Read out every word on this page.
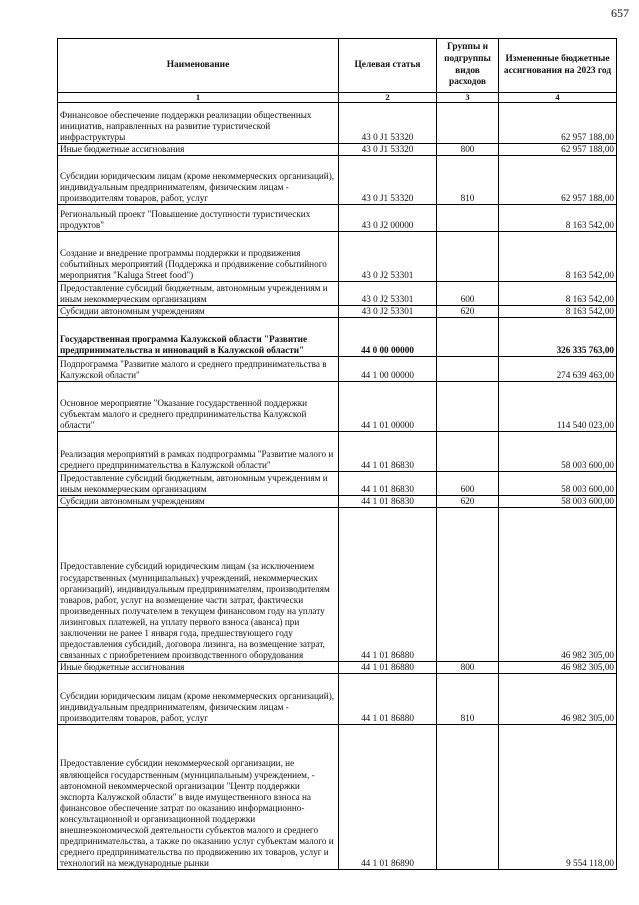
657
Наименование	Целевая статья	Группы и подгруппы видов расходов	Измененные бюджетные ассигнования на 2023 год
1	2	3	4
Финансовое обеспечение поддержки реализации общественных инициатив, направленных на развитие туристической инфраструктуры	43 0 J1 53320		62 957 188,00
Иные бюджетные ассигнования	43 0 J1 53320	800	62 957 188,00
Субсидии юридическим лицам (кроме некоммерческих организаций), индивидуальным предпринимателям, физическим лицам - производителям товаров, работ, услуг	43 0 J1 53320	810	62 957 188,00
Региональный проект "Повышение доступности туристических продуктов"	43 0 J2 00000		8 163 542,00
Создание и внедрение программы поддержки и продвижения событийных мероприятий (Поддержка и продвижение событийного мероприятия "Kaluga Street food")	43 0 J2 53301		8 163 542,00
Предоставление субсидий бюджетным, автономным учреждениям и иным некоммерческим организациям	43 0 J2 53301	600	8 163 542,00
Субсидии автономным учреждениям	43 0 J2 53301	620	8 163 542,00
Государственная программа Калужской области "Развитие предпринимательства и инноваций в Калужской области"	44 0 00 00000		326 335 763,00
Подпрограмма "Развитие малого и среднего предпринимательства в Калужской области"	44 1 00 00000		274 639 463,00
Основное мероприятие "Оказание государственной поддержки субъектам малого и среднего предпринимательства Калужской области"	44 1 01 00000		114 540 023,00
Реализация мероприятий в рамках подпрограммы "Развитие малого и среднего предпринимательства в Калужской области"	44 1 01 86830		58 003 600,00
Предоставление субсидий бюджетным, автономным учреждениям и иным некоммерческим организациям	44 1 01 86830	600	58 003 600,00
Субсидии автономным учреждениям	44 1 01 86830	620	58 003 600,00
Предоставление субсидий юридическим лицам (за исключением государственных (муниципальных) учреждений, некоммерческих организаций), индивидуальным предпринимателям, производителям товаров, работ, услуг на возмещение части затрат, фактически произведенных получателем в текущем финансовом году на уплату лизинговых платежей, на уплату первого взноса (аванса) при заключении не ранее 1 января года, предшествующего году предоставления субсидий, договора лизинга, на возмещение затрат, связанных с приобретением производственного оборудования	44 1 01 86880		46 982 305,00
Иные бюджетные ассигнования	44 1 01 86880	800	46 982 305,00
Субсидии юридическим лицам (кроме некоммерческих организаций), индивидуальным предпринимателям, физическим лицам - производителям товаров, работ, услуг	44 1 01 86880	810	46 982 305,00
Предоставление субсидии некоммерческой организации, не являющейся государственным (муниципальным) учреждением, - автономной некоммерческой организации "Центр поддержки экспорта Калужской области" в виде имущественного взноса на финансовое обеспечение затрат по оказанию информационно-консультационной и организационной поддержки внешнеэкономической деятельности субъектов малого и среднего предпринимательства, а также по оказанию услуг субъектам малого и среднего предпринимательства по продвижению их товаров, услуг и технологий на международные рынки	44 1 01 86890		9 554 118,00
